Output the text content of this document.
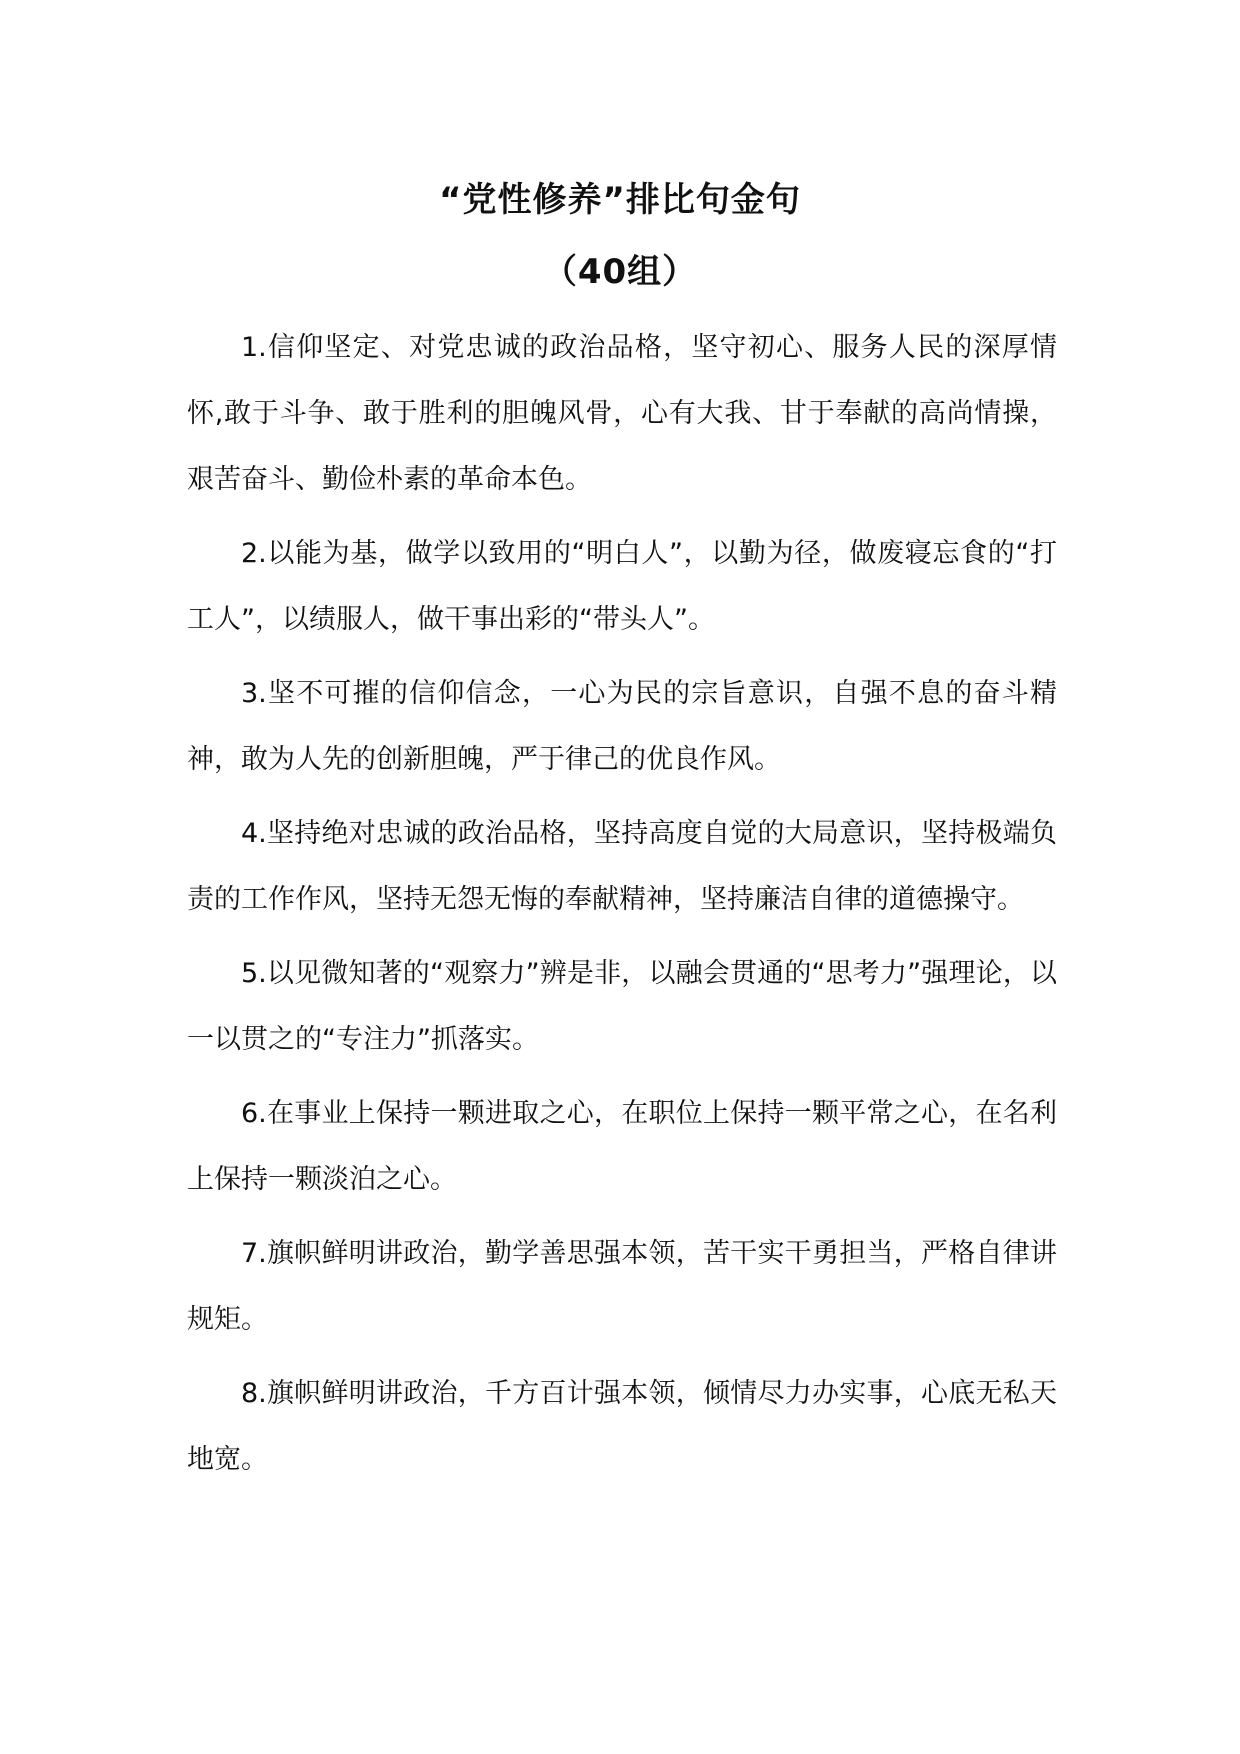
“党性修养”排比句金句
（40组）

1.信仰坚定、对党忠诚的政治品格，坚守初心、服务人民的深厚情怀,敢于斗争、敢于胜利的胆魄风骨，心有大我、甘于奉献的高尚情操，艰苦奋斗、勤俭朴素的革命本色。

2.以能为基，做学以致用的“明白人”，以勤为径，做废寝忘食的“打工人”，以绩服人，做干事出彩的“带头人”。

3.坚不可摧的信仰信念，一心为民的宗旨意识，自强不息的奋斗精神，敢为人先的创新胆魄，严于律己的优良作风。

4.坚持绝对忠诚的政治品格，坚持高度自觉的大局意识，坚持极端负责的工作作风，坚持无怨无悔的奉献精神，坚持廉洁自律的道德操守。

5.以见微知著的“观察力”辨是非，以融会贯通的“思考力”强理论，以一以贯之的“专注力”抓落实。

6.在事业上保持一颗进取之心，在职位上保持一颗平常之心，在名利上保持一颗淡泊之心。

7.旗帜鲜明讲政治，勤学善思强本领，苦干实干勇担当，严格自律讲规矩。

8.旗帜鲜明讲政治，千方百计强本领，倾情尽力办实事，心底无私天地宽。
